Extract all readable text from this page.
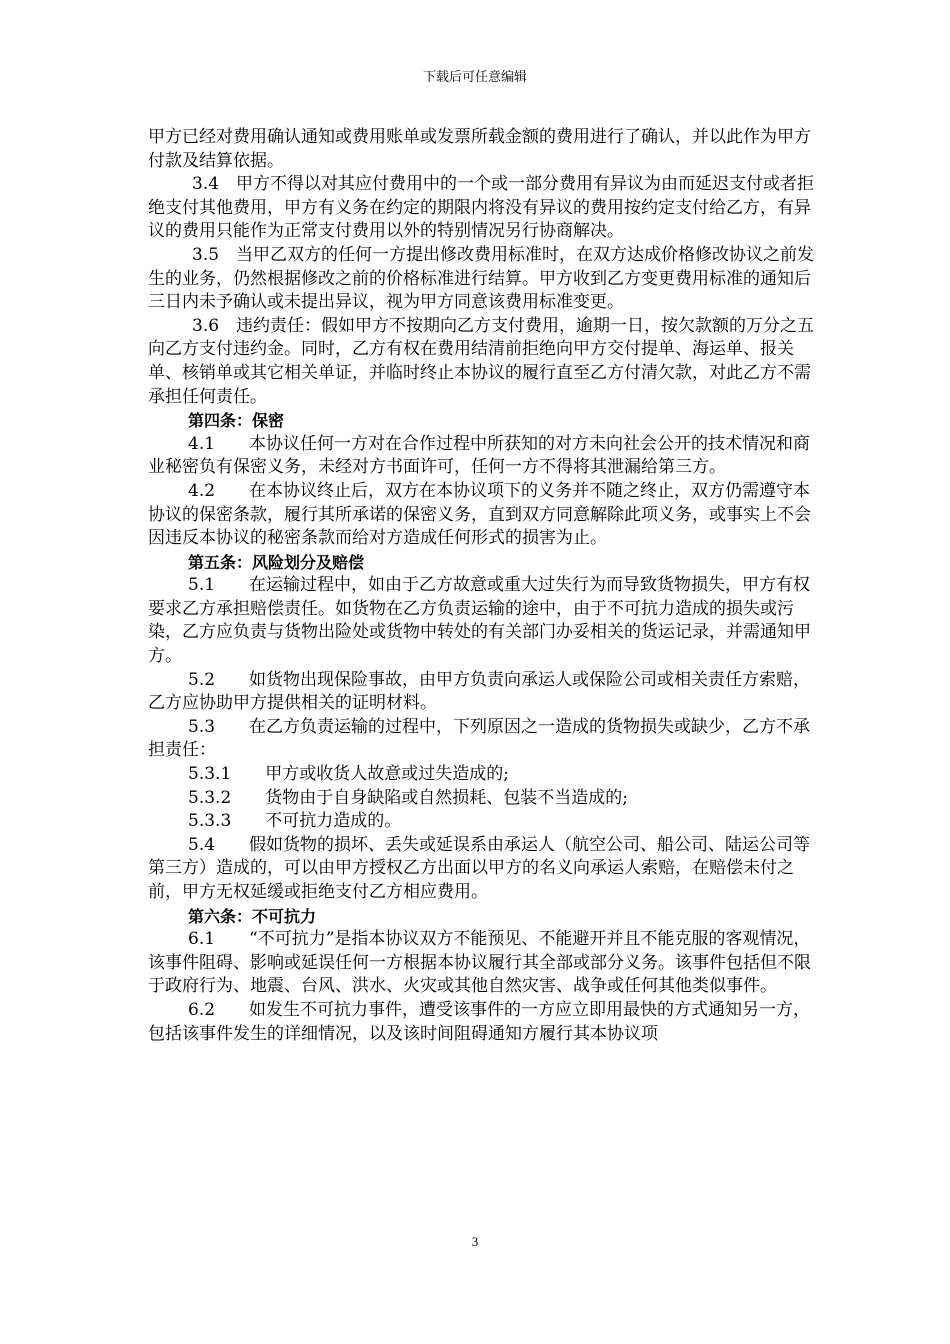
下载后可任意编辑

甲方已经对费用确认通知或费用账单或发票所载金额的费用进行了确认，并以此作为甲方付款及结算依据。

3.4　甲方不得以对其应付费用中的一个或一部分费用有异议为由而延迟支付或者拒绝支付其他费用，甲方有义务在约定的期限内将没有异议的费用按约定支付给乙方，有异议的费用只能作为正常支付费用以外的特别情况另行协商解决。

3.5　当甲乙双方的任何一方提出修改费用标准时，在双方达成价格修改协议之前发生的业务，仍然根据修改之前的价格标准进行结算。甲方收到乙方变更费用标准的通知后三日内未予确认或未提出异议，视为甲方同意该费用标准变更。

3.6　违约责任：假如甲方不按期向乙方支付费用，逾期一日，按欠款额的万分之五向乙方支付违约金。同时，乙方有权在费用结清前拒绝向甲方交付提单、海运单、报关单、核销单或其它相关单证，并临时终止本协议的履行直至乙方付清欠款，对此乙方不需承担任何责任。

第四条：保密

4.1　　本协议任何一方对在合作过程中所获知的对方未向社会公开的技术情况和商业秘密负有保密义务，未经对方书面许可，任何一方不得将其泄漏给第三方。

4.2　　在本协议终止后，双方在本协议项下的义务并不随之终止，双方仍需遵守本协议的保密条款，履行其所承诺的保密义务，直到双方同意解除此项义务，或事实上不会因违反本协议的秘密条款而给对方造成任何形式的损害为止。

第五条：风险划分及赔偿

5.1　　在运输过程中，如由于乙方故意或重大过失行为而导致货物损失，甲方有权要求乙方承担赔偿责任。如货物在乙方负责运输的途中，由于不可抗力造成的损失或污染，乙方应负责与货物出险处或货物中转处的有关部门办妥相关的货运记录，并需通知甲方。

5.2　　如货物出现保险事故，由甲方负责向承运人或保险公司或相关责任方索赔，乙方应协助甲方提供相关的证明材料。

5.3　　在乙方负责运输的过程中，下列原因之一造成的货物损失或缺少，乙方不承担责任：

5.3.1　　甲方或收货人故意或过失造成的;

5.3.2　　货物由于自身缺陷或自然损耗、包装不当造成的;

5.3.3　　不可抗力造成的。

5.4　　假如货物的损坏、丢失或延误系由承运人（航空公司、船公司、陆运公司等第三方）造成的，可以由甲方授权乙方出面以甲方的名义向承运人索赔，在赔偿未付之前，甲方无权延缓或拒绝支付乙方相应费用。

第六条：不可抗力

6.1　　“不可抗力”是指本协议双方不能预见、不能避开并且不能克服的客观情况，该事件阻碍、影响或延误任何一方根据本协议履行其全部或部分义务。该事件包括但不限于政府行为、地震、台风、洪水、火灾或其他自然灾害、战争或任何其他类似事件。

6.2　　如发生不可抗力事件，遭受该事件的一方应立即用最快的方式通知另一方，包括该事件发生的详细情况，以及该时间阻碍通知方履行其本协议项

3
